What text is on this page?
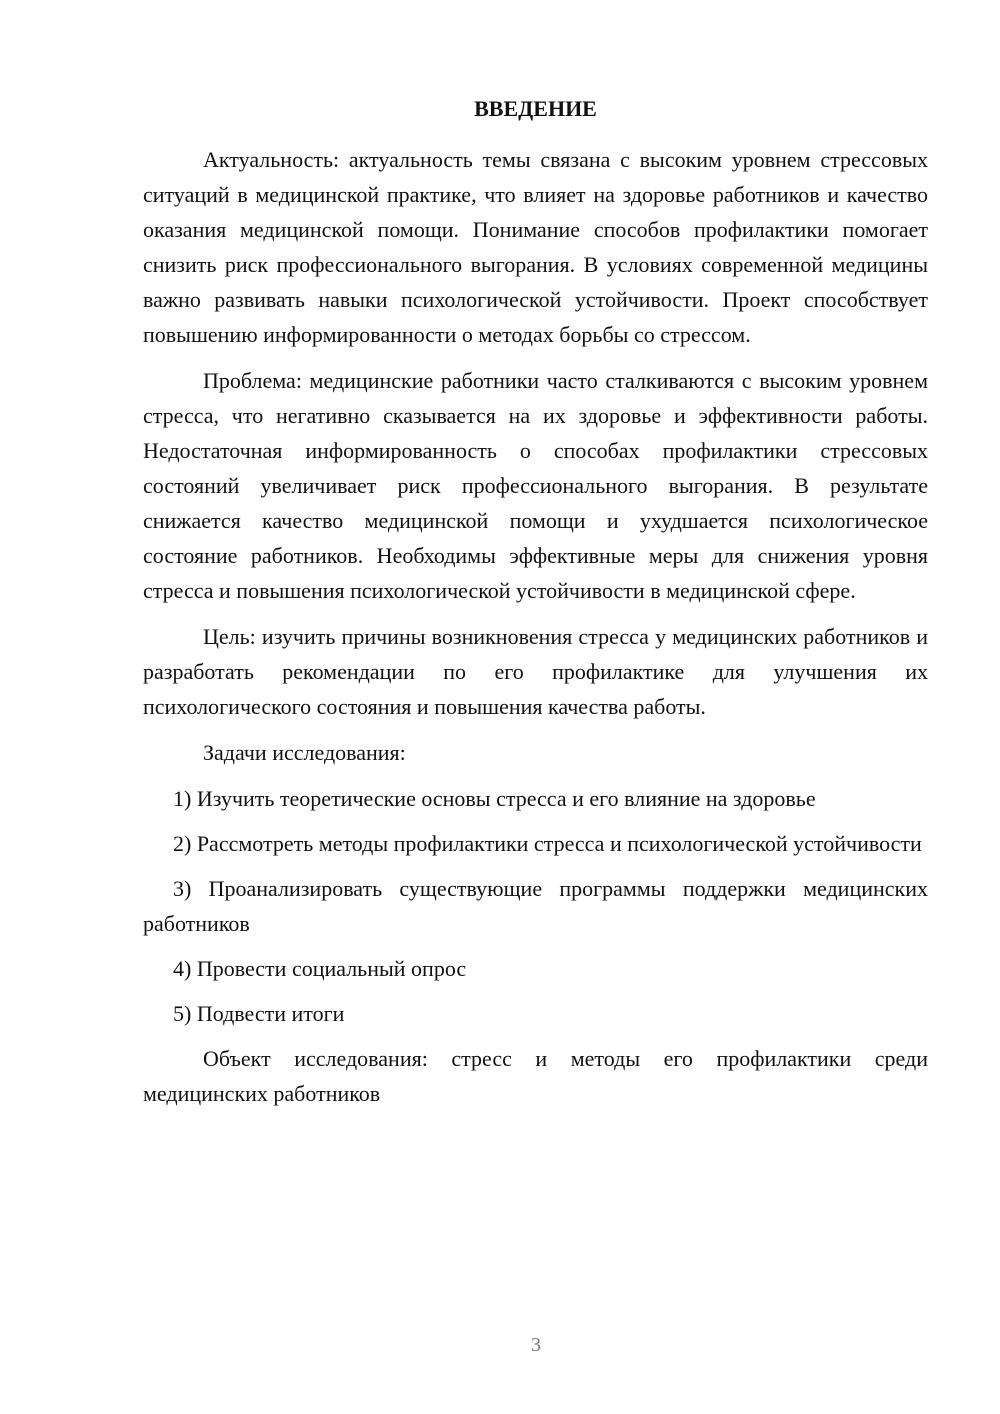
ВВЕДЕНИЕ

Актуальность: актуальность темы связана с высоким уровнем стрессовых ситуаций в медицинской практике, что влияет на здоровье работников и качество оказания медицинской помощи. Понимание способов профилактики помогает снизить риск профессионального выгорания. В условиях современной медицины важно развивать навыки психологической устойчивости. Проект способствует повышению информированности о методах борьбы со стрессом.

Проблема: медицинские работники часто сталкиваются с высоким уровнем стресса, что негативно сказывается на их здоровье и эффективности работы. Недостаточная информированность о способах профилактики стрессовых состояний увеличивает риск профессионального выгорания. В результате снижается качество медицинской помощи и ухудшается психологическое состояние работников. Необходимы эффективные меры для снижения уровня стресса и повышения психологической устойчивости в медицинской сфере.

Цель: изучить причины возникновения стресса у медицинских работников и разработать рекомендации по его профилактике для улучшения их психологического состояния и повышения качества работы.

Задачи исследования:

1) Изучить теоретические основы стресса и его влияние на здоровье

2) Рассмотреть методы профилактики стресса и психологической устойчивости

3) Проанализировать существующие программы поддержки медицинских работников

4) Провести социальный опрос

5) Подвести итоги

Объект исследования: стресс и методы его профилактики среди медицинских работников

3
